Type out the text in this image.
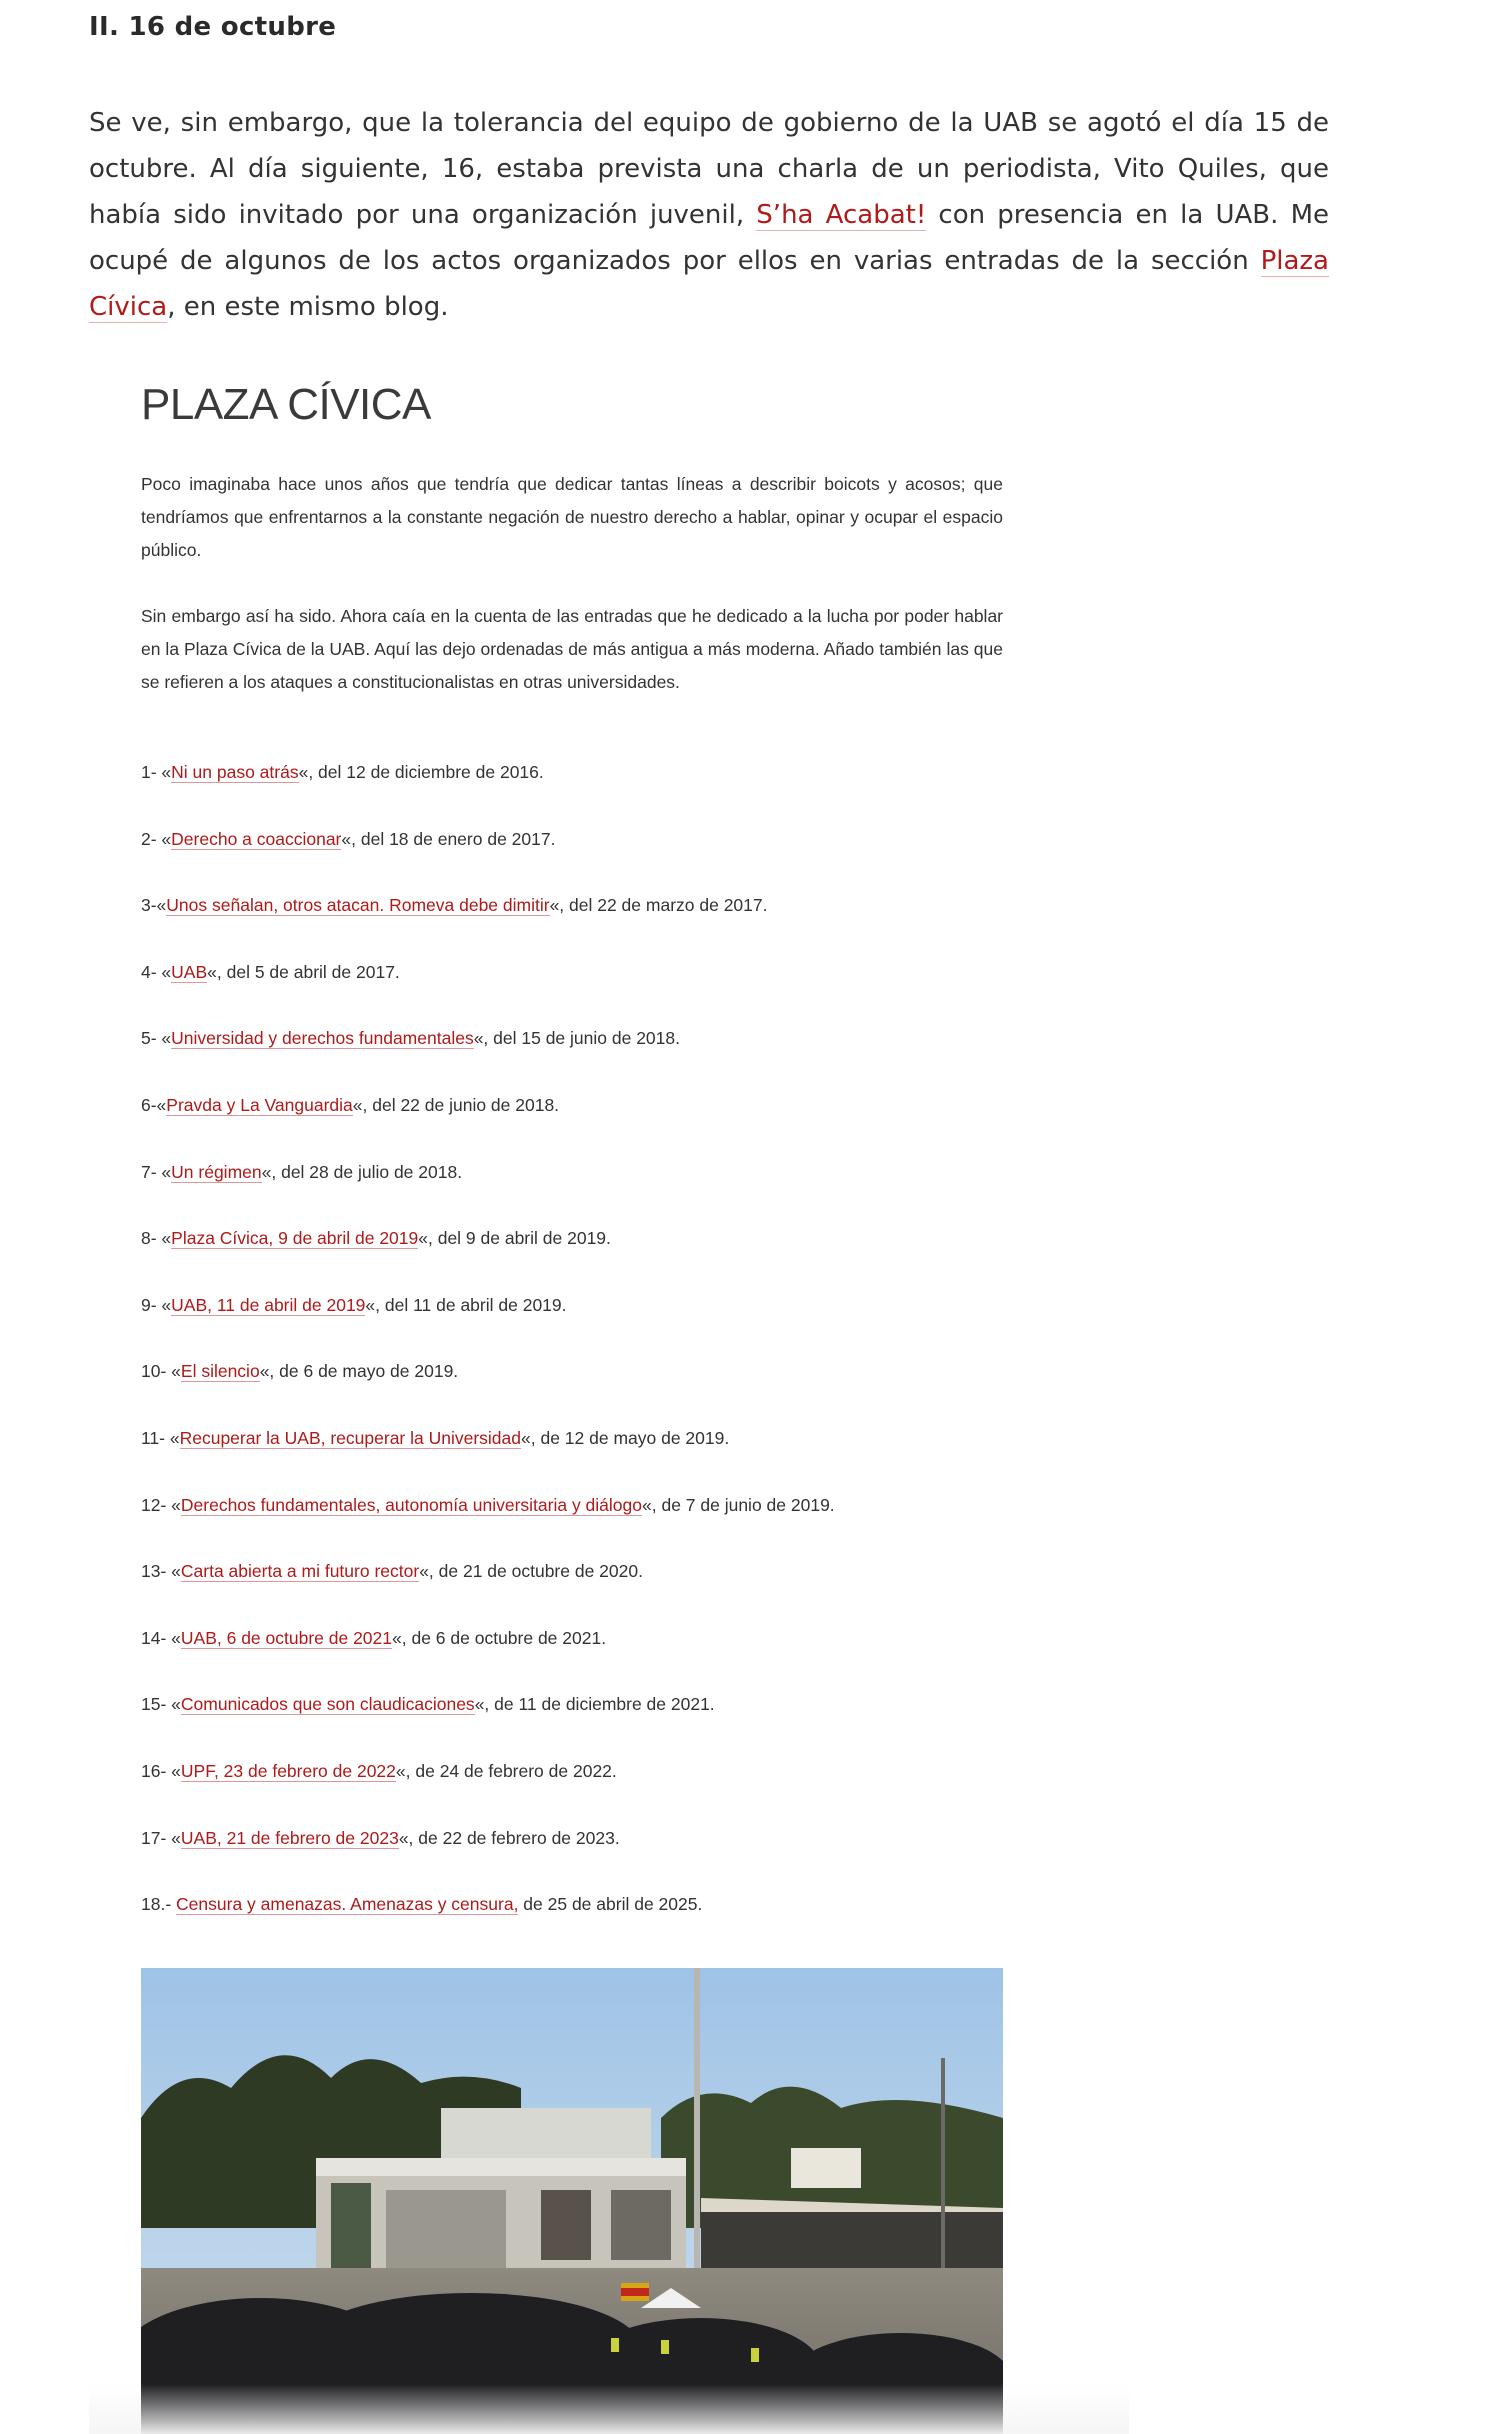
II. 16 de octubre

Se ve, sin embargo, que la tolerancia del equipo de gobierno de la UAB se agotó el día 15 de octubre. Al día siguiente, 16, estaba prevista una charla de un periodista, Vito Quiles, que había sido invitado por una organización juvenil, S’ha Acabat! con presencia en la UAB. Me ocupé de algunos de los actos organizados por ellos en varias entradas de la sección Plaza Cívica, en este mismo blog.

PLAZA CÍVICA

Poco imaginaba hace unos años que tendría que dedicar tantas líneas a describir boicots y acosos; que tendríamos que enfrentarnos a la constante negación de nuestro derecho a hablar, opinar y ocupar el espacio público.

Sin embargo así ha sido. Ahora caía en la cuenta de las entradas que he dedicado a la lucha por poder hablar en la Plaza Cívica de la UAB. Aquí las dejo ordenadas de más antigua a más moderna. Añado también las que se refieren a los ataques a constitucionalistas en otras universidades.

1- «Ni un paso atrás«, del 12 de diciembre de 2016.
2- «Derecho a coaccionar«, del 18 de enero de 2017.
3-«Unos señalan, otros atacan. Romeva debe dimitir«, del 22 de marzo de 2017.
4- «UAB«, del 5 de abril de 2017.
5- «Universidad y derechos fundamentales«, del 15 de junio de 2018.
6-«Pravda y La Vanguardia«, del 22 de junio de 2018.
7- «Un régimen«, del 28 de julio de 2018.
8- «Plaza Cívica, 9 de abril de 2019«, del 9 de abril de 2019.
9- «UAB, 11 de abril de 2019«, del 11 de abril de 2019.
10- «El silencio«, de 6 de mayo de 2019.
11- «Recuperar la UAB, recuperar la Universidad«, de 12 de mayo de 2019.
12- «Derechos fundamentales, autonomía universitaria y diálogo«, de 7 de junio de 2019.
13- «Carta abierta a mi futuro rector«, de 21 de octubre de 2020.
14- «UAB, 6 de octubre de 2021«, de 6 de octubre de 2021.
15- «Comunicados que son claudicaciones«, de 11 de diciembre de 2021.
16- «UPF, 23 de febrero de 2022«, de 24 de febrero de 2022.
17- «UAB, 21 de febrero de 2023«, de 22 de febrero de 2023.
18.- Censura y amenazas. Amenazas y censura, de 25 de abril de 2025.
